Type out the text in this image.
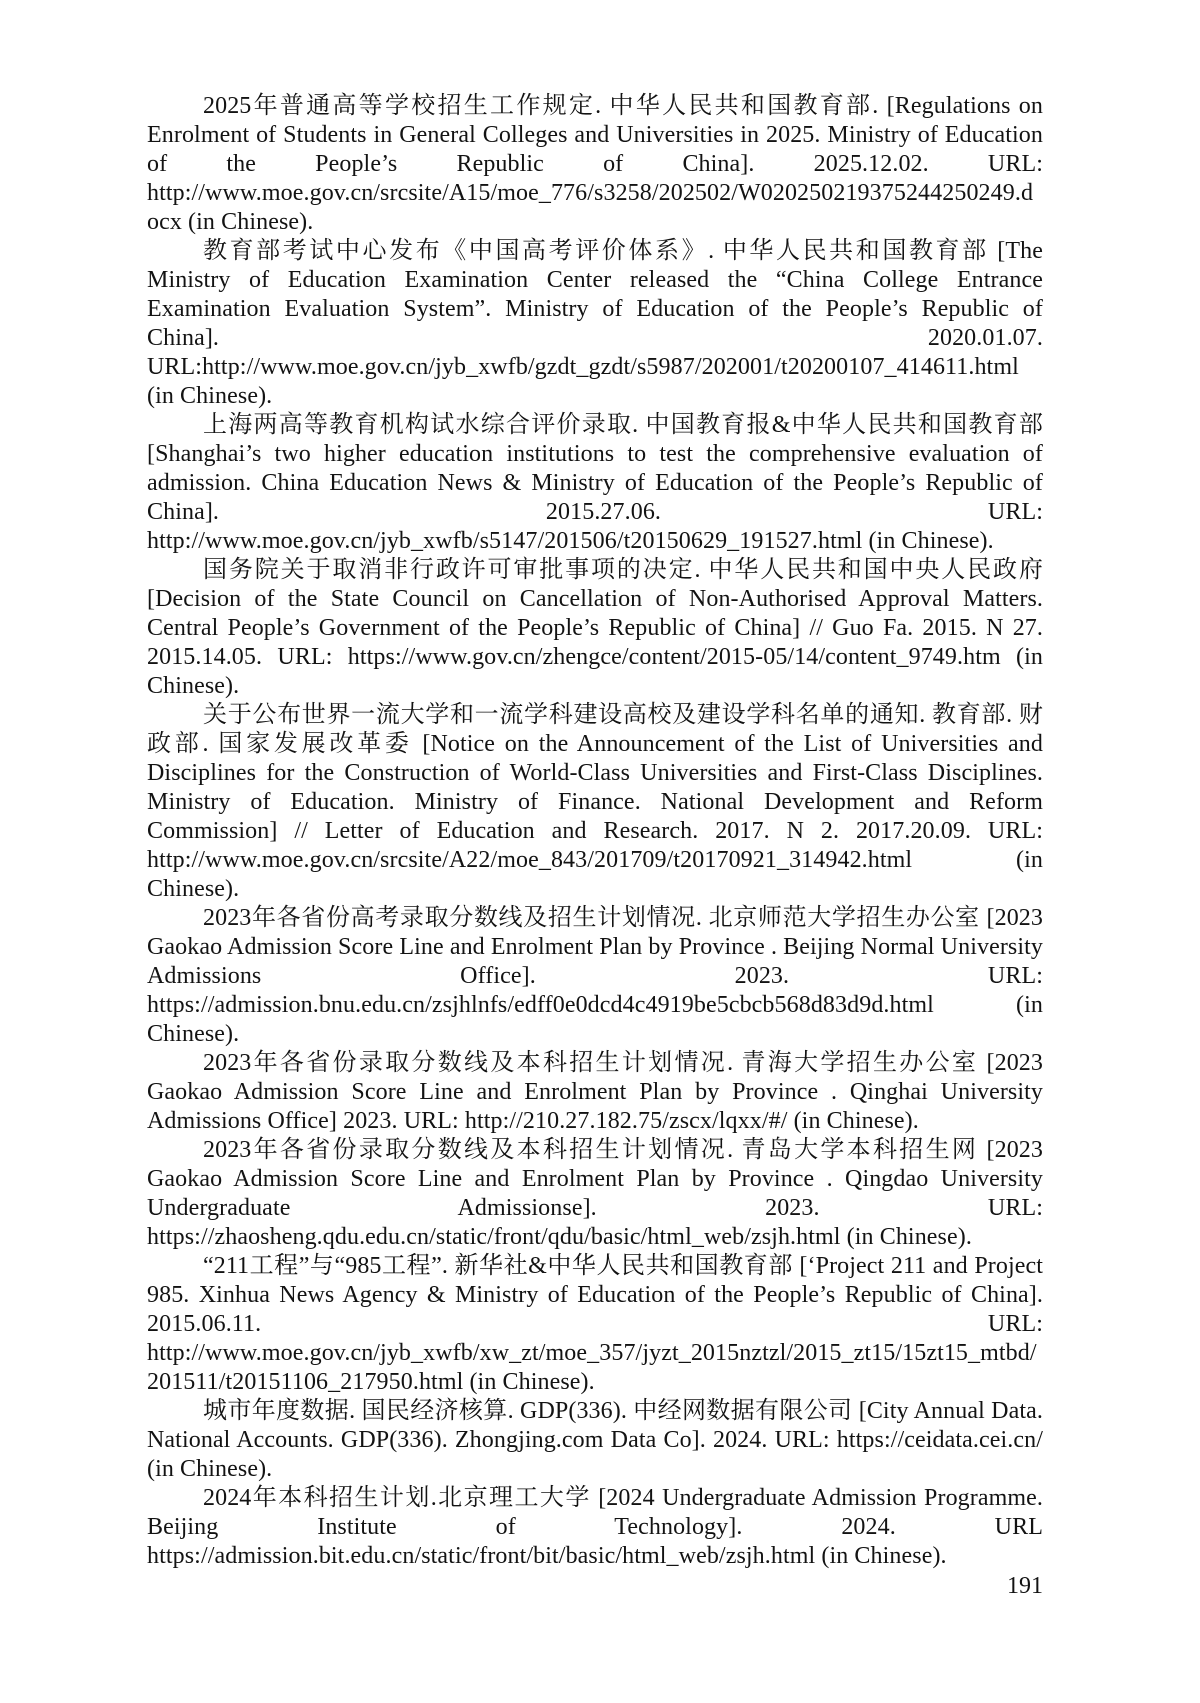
2025年普通高等学校招生工作规定. 中华人民共和国教育部. [Regulations on Enrolment of Students in General Colleges and Universities in 2025. Ministry of Education of the People’s Republic of China]. 2025.12.02. URL: http://www.moe.gov.cn/srcsite/A15/moe_776/s3258/202502/W020250219375244250249.docx (in Chinese).

教育部考试中心发布《中国高考评价体系》. 中华人民共和国教育部 [The Ministry of Education Examination Center released the “China College Entrance Examination Evaluation System”. Ministry of Education of the People’s Republic of China]. 2020.01.07. URL:http://www.moe.gov.cn/jyb_xwfb/gzdt_gzdt/s5987/202001/t20200107_414611.html (in Chinese).

上海两高等教育机构试水综合评价录取. 中国教育报&中华人民共和国教育部 [Shanghai’s two higher education institutions to test the comprehensive evaluation of admission. China Education News & Ministry of Education of the People’s Republic of China]. 2015.27.06. URL: http://www.moe.gov.cn/jyb_xwfb/s5147/201506/t20150629_191527.html (in Chinese).

国务院关于取消非行政许可审批事项的决定. 中华人民共和国中央人民政府 [Decision of the State Council on Cancellation of Non-Authorised Approval Matters. Central People’s Government of the People’s Republic of China] // Guo Fa. 2015. N 27. 2015.14.05. URL: https://www.gov.cn/zhengce/content/2015-05/14/content_9749.htm (in Chinese).

关于公布世界一流大学和一流学科建设高校及建设学科名单的通知. 教育部. 财政部. 国家发展改革委 [Notice on the Announcement of the List of Universities and Disciplines for the Construction of World-Class Universities and First-Class Disciplines. Ministry of Education. Ministry of Finance. National Development and Reform Commission] // Letter of Education and Research. 2017. N 2. 2017.20.09. URL: http://www.moe.gov.cn/srcsite/A22/moe_843/201709/t20170921_314942.html (in Chinese).

2023年各省份高考录取分数线及招生计划情况. 北京师范大学招生办公室 [2023 Gaokao Admission Score Line and Enrolment Plan by Province . Beijing Normal University Admissions Office]. 2023. URL: https://admission.bnu.edu.cn/zsjhlnfs/edff0e0dcd4c4919be5cbcb568d83d9d.html (in Chinese).

2023年各省份录取分数线及本科招生计划情况. 青海大学招生办公室 [2023 Gaokao Admission Score Line and Enrolment Plan by Province . Qinghai University Admissions Office] 2023. URL: http://210.27.182.75/zscx/lqxx/#/ (in Chinese).

2023年各省份录取分数线及本科招生计划情况. 青岛大学本科招生网 [2023 Gaokao Admission Score Line and Enrolment Plan by Province . Qingdao University Undergraduate Admissionse]. 2023. URL: https://zhaosheng.qdu.edu.cn/static/front/qdu/basic/html_web/zsjh.html (in Chinese).

“211工程”与“985工程”. 新华社&中华人民共和国教育部 [‘Project 211 and Project 985. Xinhua News Agency & Ministry of Education of the People’s Republic of China]. 2015.06.11. URL: http://www.moe.gov.cn/jyb_xwfb/xw_zt/moe_357/jyzt_2015nztzl/2015_zt15/15zt15_mtbd/201511/t20151106_217950.html (in Chinese).

城市年度数据. 国民经济核算. GDP(336). 中经网数据有限公司 [City Annual Data. National Accounts. GDP(336). Zhongjing.com Data Co]. 2024. URL: https://ceidata.cei.cn/ (in Chinese).

2024年本科招生计划.北京理工大学 [2024 Undergraduate Admission Programme. Beijing Institute of Technology]. 2024. URL https://admission.bit.edu.cn/static/front/bit/basic/html_web/zsjh.html (in Chinese).

191
